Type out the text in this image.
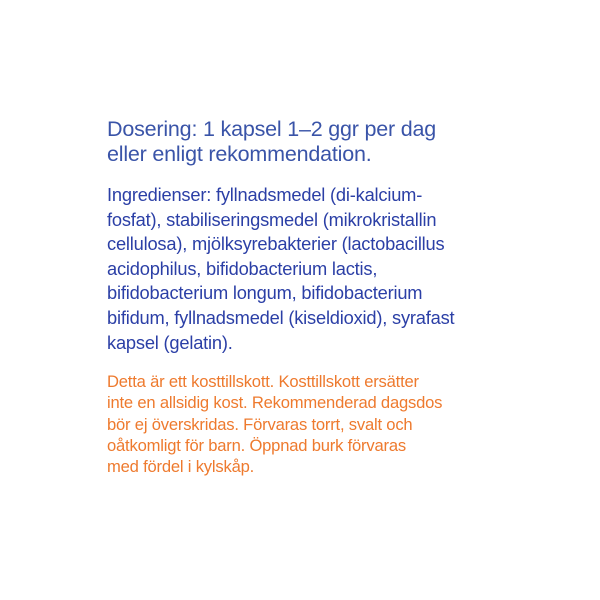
Dosering: 1 kapsel 1–2 ggr per dag
eller enligt rekommendation.

Ingredienser: fyllnadsmedel (di-kalcium-
fosfat), stabiliseringsmedel (mikrokristallin
cellulosa), mjölksyrebakterier (lactobacillus
acidophilus, bifidobacterium lactis,
bifidobacterium longum, bifidobacterium
bifidum, fyllnadsmedel (kiseldioxid), syrafast
kapsel (gelatin).

Detta är ett kosttillskott. Kosttillskott ersätter
inte en allsidig kost. Rekommenderad dagsdos
bör ej överskridas. Förvaras torrt, svalt och
oåtkomligt för barn. Öppnad burk förvaras
med fördel i kylskåp.
